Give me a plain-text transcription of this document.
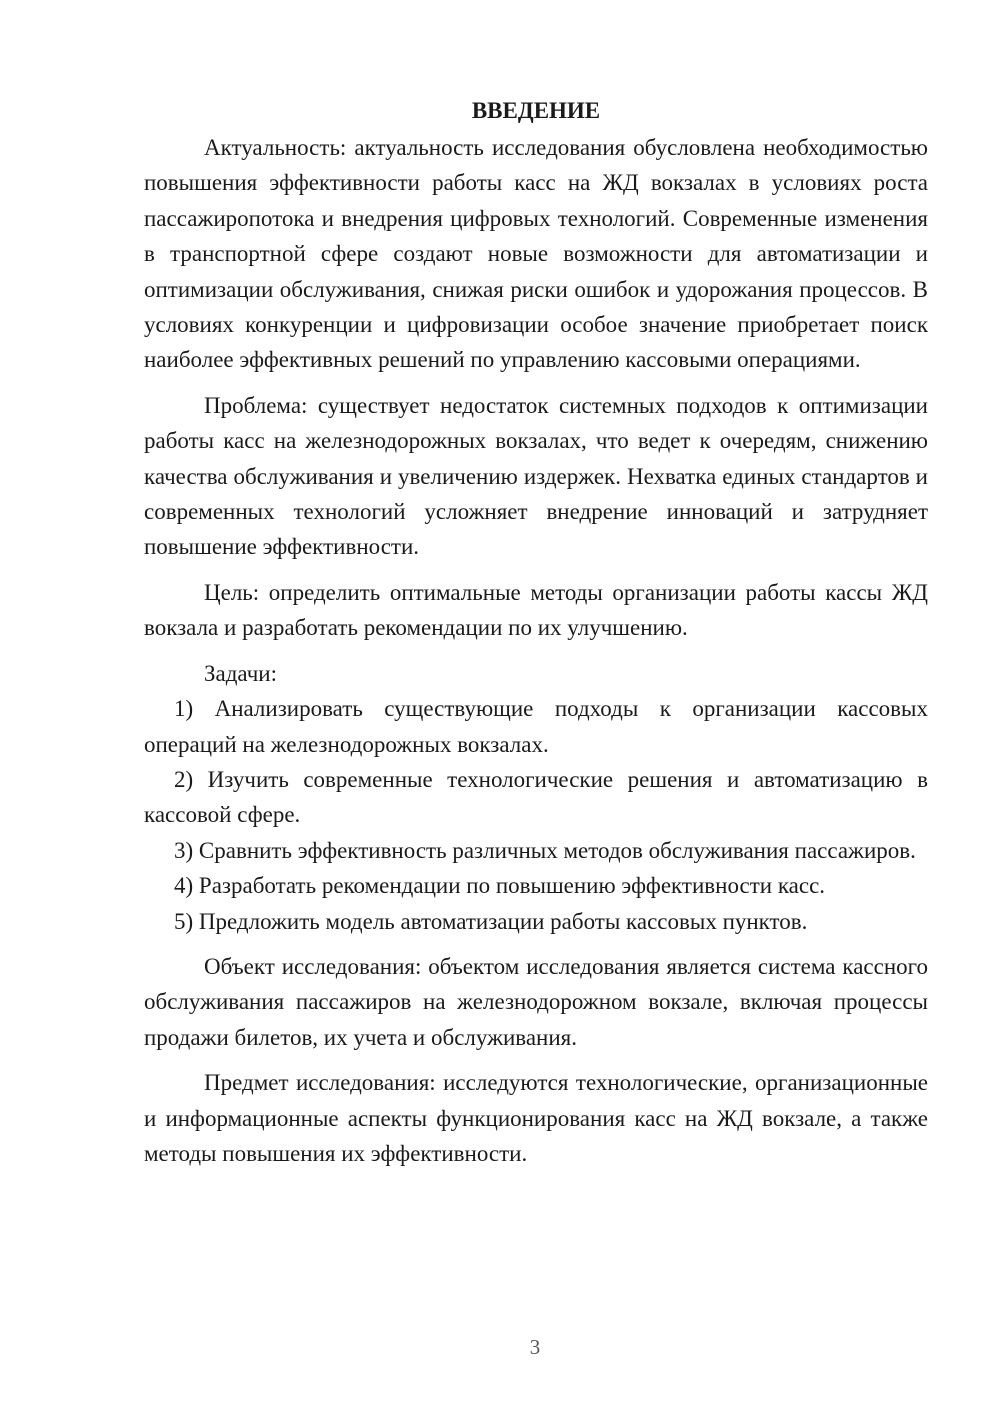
ВВЕДЕНИЕ

Актуальность: актуальность исследования обусловлена необходимостью повышения эффективности работы касс на ЖД вокзалах в условиях роста пассажиропотока и внедрения цифровых технологий. Современные изменения в транспортной сфере создают новые возможности для автоматизации и оптимизации обслуживания, снижая риски ошибок и удорожания процессов. В условиях конкуренции и цифровизации особое значение приобретает поиск наиболее эффективных решений по управлению кассовыми операциями.

Проблема: существует недостаток системных подходов к оптимизации работы касс на железнодорожных вокзалах, что ведет к очередям, снижению качества обслуживания и увеличению издержек. Нехватка единых стандартов и современных технологий усложняет внедрение инноваций и затрудняет повышение эффективности.

Цель: определить оптимальные методы организации работы кассы ЖД вокзала и разработать рекомендации по их улучшению.

Задачи:

1) Анализировать существующие подходы к организации кассовых операций на железнодорожных вокзалах.

2) Изучить современные технологические решения и автоматизацию в кассовой сфере.

3) Сравнить эффективность различных методов обслуживания пассажиров.

4) Разработать рекомендации по повышению эффективности касс.

5) Предложить модель автоматизации работы кассовых пунктов.

Объект исследования: объектом исследования является система кассного обслуживания пассажиров на железнодорожном вокзале, включая процессы продажи билетов, их учета и обслуживания.

Предмет исследования: исследуются технологические, организационные и информационные аспекты функционирования касс на ЖД вокзале, а также методы повышения их эффективности.

3
